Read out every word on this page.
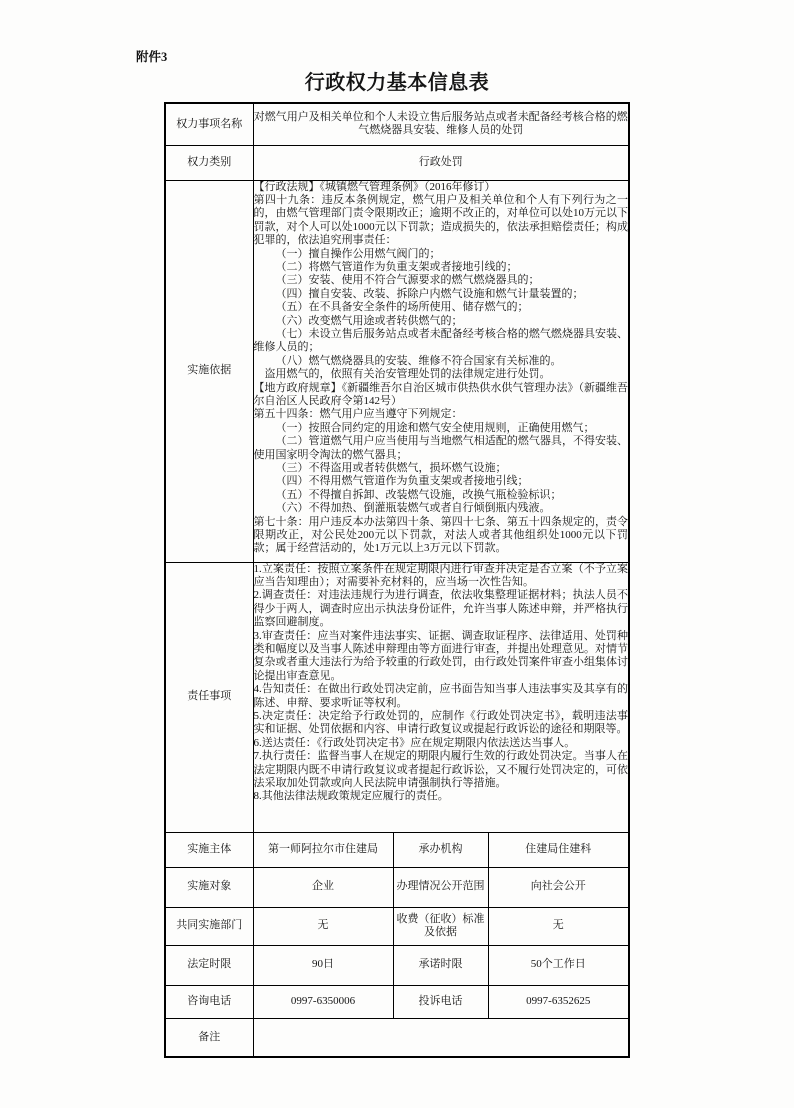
附件3
行政权力基本信息表
权力事项名称	对燃气用户及相关单位和个人未设立售后服务站点或者未配备经考核合格的燃气燃烧器具安装、维修人员的处罚		
权力类别	行政处罚		
实施依据	
【行政法规】《城镇燃气管理条例》（2016年修订）
第四十九条：违反本条例规定，燃气用户及相关单位和个人有下列行为之一的，由燃气管理部门责令限期改正；逾期不改正的，对单位可以处10万元以下罚款，对个人可以处1000元以下罚款；造成损失的，依法承担赔偿责任；构成犯罪的，依法追究刑事责任：
（一）擅自操作公用燃气阀门的；
（二）将燃气管道作为负重支架或者接地引线的；
（三）安装、使用不符合气源要求的燃气燃烧器具的；
（四）擅自安装、改装、拆除户内燃气设施和燃气计量装置的；
（五）在不具备安全条件的场所使用、储存燃气的；
（六）改变燃气用途或者转供燃气的；
（七）未设立售后服务站点或者未配备经考核合格的燃气燃烧器具安装、维修人员的；
（八）燃气燃烧器具的安装、维修不符合国家有关标准的。
盗用燃气的，依照有关治安管理处罚的法律规定进行处罚。
【地方政府规章】《新疆维吾尔自治区城市供热供水供气管理办法》（新疆维吾尔自治区人民政府令第142号）
第五十四条：燃气用户应当遵守下列规定：
（一）按照合同约定的用途和燃气安全使用规则，正确使用燃气；
（二）管道燃气用户应当使用与当地燃气相适配的燃气器具，不得安装、使用国家明令淘汰的燃气器具；
（三）不得盗用或者转供燃气，损坏燃气设施；
（四）不得用燃气管道作为负重支架或者接地引线；
（五）不得擅自拆卸、改装燃气设施，改换气瓶检验标识；
（六）不得加热、倒灌瓶装燃气或者自行倾倒瓶内残液。
第七十条：用户违反本办法第四十条、第四十七条、第五十四条规定的，责令限期改正，对公民处200元以下罚款，对法人或者其他组织处1000元以下罚款；属于经营活动的，处1万元以上3万元以下罚款。

责任事项	
1.立案责任：按照立案条件在规定期限内进行审查并决定是否立案（不予立案应当告知理由）；对需要补充材料的，应当场一次性告知。
2.调查责任：对违法违规行为进行调查，依法收集整理证据材料；执法人员不得少于两人，调查时应出示执法身份证件，允许当事人陈述申辩，并严格执行监察回避制度。
3.审查责任：应当对案件违法事实、证据、调查取证程序、法律适用、处罚种类和幅度以及当事人陈述申辩理由等方面进行审查，并提出处理意见。对情节复杂或者重大违法行为给予较重的行政处罚，由行政处罚案件审查小组集体讨论提出审查意见。
4.告知责任：在做出行政处罚决定前，应书面告知当事人违法事实及其享有的陈述、申辩、要求听证等权利。
5.决定责任：决定给予行政处罚的，应制作《行政处罚决定书》，载明违法事实和证据、处罚依据和内容、申请行政复议或提起行政诉讼的途径和期限等。
6.送达责任：《行政处罚决定书》应在规定期限内依法送达当事人。
7.执行责任：监督当事人在规定的期限内履行生效的行政处罚决定。当事人在法定期限内既不申请行政复议或者提起行政诉讼，又不履行处罚决定的，可依法采取加处罚款或向人民法院申请强制执行等措施。
8.其他法律法规政策规定应履行的责任。

实施主体	第一师阿拉尔市住建局	承办机构	住建局住建科
实施对象	企业	办理情况公开范围	向社会公开
共同实施部门	无	收费（征收）标准及依据	无
法定时限	90日	承诺时限	50个工作日
咨询电话	0997-6350006	投诉电话	0997-6352625
备注			
